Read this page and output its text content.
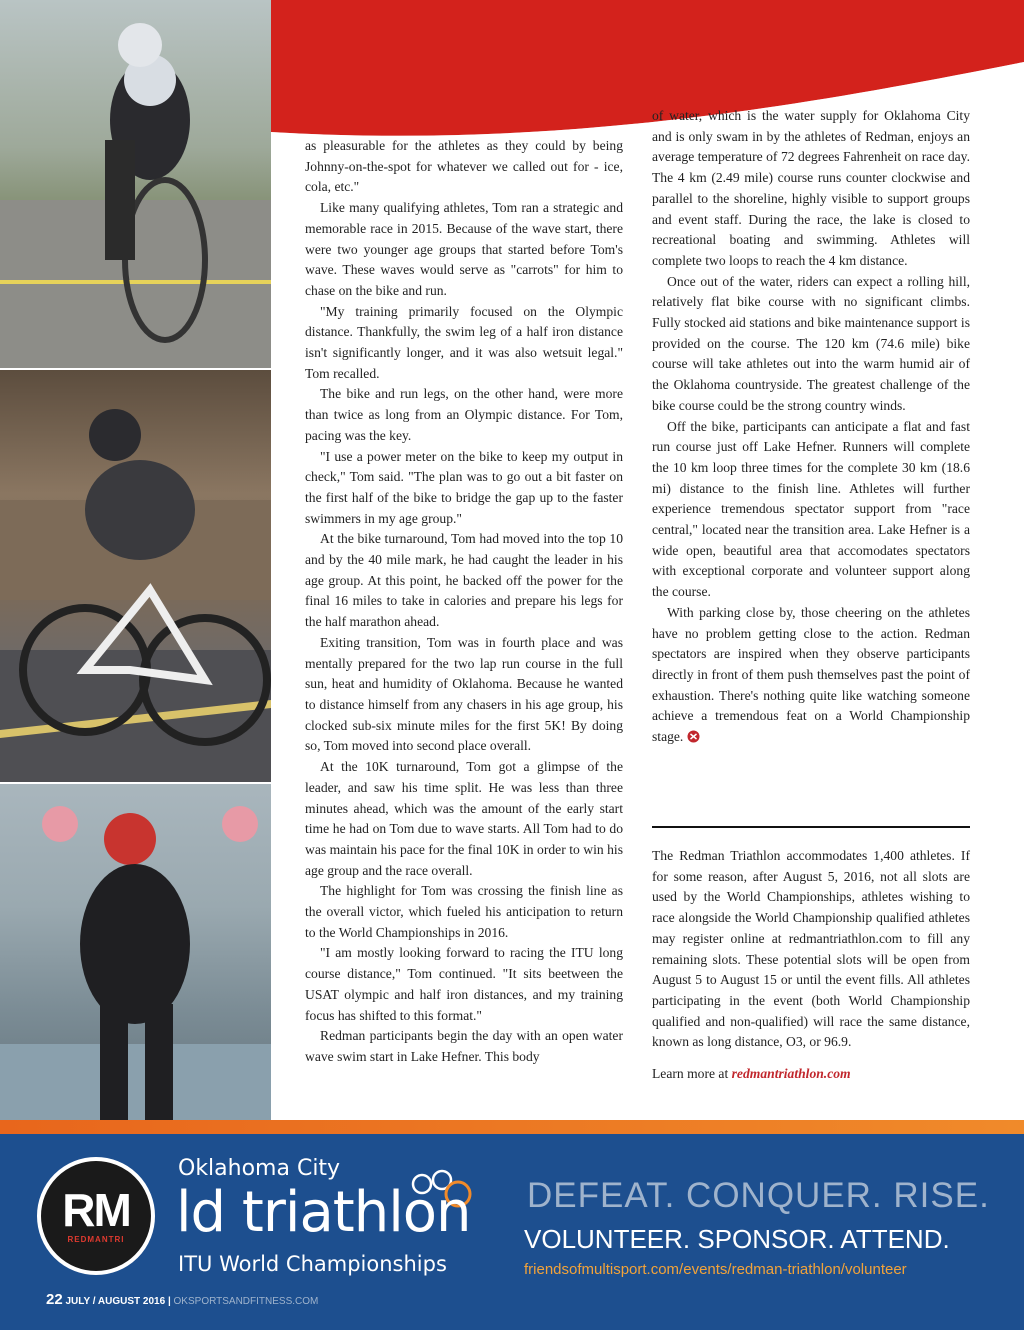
as pleasurable for the athletes as they could by being Johnny-on-the-spot for whatever we called out for - ice, cola, etc."

Like many qualifying athletes, Tom ran a strategic and memorable race in 2015. Because of the wave start, there were two younger age groups that started before Tom's wave. These waves would serve as "carrots" for him to chase on the bike and run.

"My training primarily focused on the Olympic distance. Thankfully, the swim leg of a half iron distance isn't significantly longer, and it was also wetsuit legal." Tom recalled.

The bike and run legs, on the other hand, were more than twice as long from an Olympic distance. For Tom, pacing was the key.

"I use a power meter on the bike to keep my output in check," Tom said. "The plan was to go out a bit faster on the first half of the bike to bridge the gap up to the faster swimmers in my age group."

At the bike turnaround, Tom had moved into the top 10 and by the 40 mile mark, he had caught the leader in his age group. At this point, he backed off the power for the final 16 miles to take in calories and prepare his legs for the half marathon ahead.

Exiting transition, Tom was in fourth place and was mentally prepared for the two lap run course in the full sun, heat and humidity of Oklahoma. Because he wanted to distance himself from any chasers in his age group, his clocked sub-six minute miles for the first 5K! By doing so, Tom moved into second place overall.

At the 10K turnaround, Tom got a glimpse of the leader, and saw his time split. He was less than three minutes ahead, which was the amount of the early start time he had on Tom due to wave starts. All Tom had to do was maintain his pace for the final 10K in order to win his age group and the race overall.

The highlight for Tom was crossing the finish line as the overall victor, which fueled his anticipation to return to the World Championships in 2016.

"I am mostly looking forward to racing the ITU long course distance," Tom continued. "It sits beetween the USAT olympic and half iron distances, and my training focus has shifted to this format."

Redman participants begin the day with an open water wave swim start in Lake Hefner. This body

of water, which is the water supply for Oklahoma City and is only swam in by the athletes of Redman, enjoys an average temperature of 72 degrees Fahrenheit on race day. The 4 km (2.49 mile) course runs counter clockwise and parallel to the shoreline, highly visible to support groups and event staff. During the race, the lake is closed to recreational boating and swimming. Athletes will complete two loops to reach the 4 km distance.

Once out of the water, riders can expect a rolling hill, relatively flat bike course with no significant climbs. Fully stocked aid stations and bike maintenance support is provided on the course. The 120 km (74.6 mile) bike course will take athletes out into the warm humid air of the Oklahoma countryside. The greatest challenge of the bike course could be the strong country winds.

Off the bike, participants can anticipate a flat and fast run course just off Lake Hefner. Runners will complete the 10 km loop three times for the complete 30 km (18.6 mi) distance to the finish line. Athletes will further experience tremendous spectator support from "race central," located near the transition area. Lake Hefner is a wide open, beautiful area that accomodates spectators with exceptional corporate and volunteer support along the course.

With parking close by, those cheering on the athletes have no problem getting close to the action. Redman spectators are inspired when they observe participants directly in front of them push themselves past the point of exhaustion. There's nothing quite like watching someone achieve a tremendous feat on a World Championship stage.

The Redman Triathlon accommodates 1,400 athletes. If for some reason, after August 5, 2016, not all slots are used by the World Championships, athletes wishing to race alongside the World Championship qualified athletes may register online at redmantriathlon.com to fill any remaining slots. These potential slots will be open from August 5 to August 15 or until the event fills. All athletes participating in the event (both World Championship qualified and non-qualified) will race the same distance, known as long distance, O3, or 96.9.

Learn more at redmantriathlon.com

RM
REDMANTRI
Oklahoma City
ld triathlon
ITU World Championships
DEFEAT. CONQUER. RISE.
VOLUNTEER. SPONSOR. ATTEND.
friendsofmultisport.com/events/redman-triathlon/volunteer
22 JULY / AUGUST 2016 | OKSPORTSANDFITNESS.COM
